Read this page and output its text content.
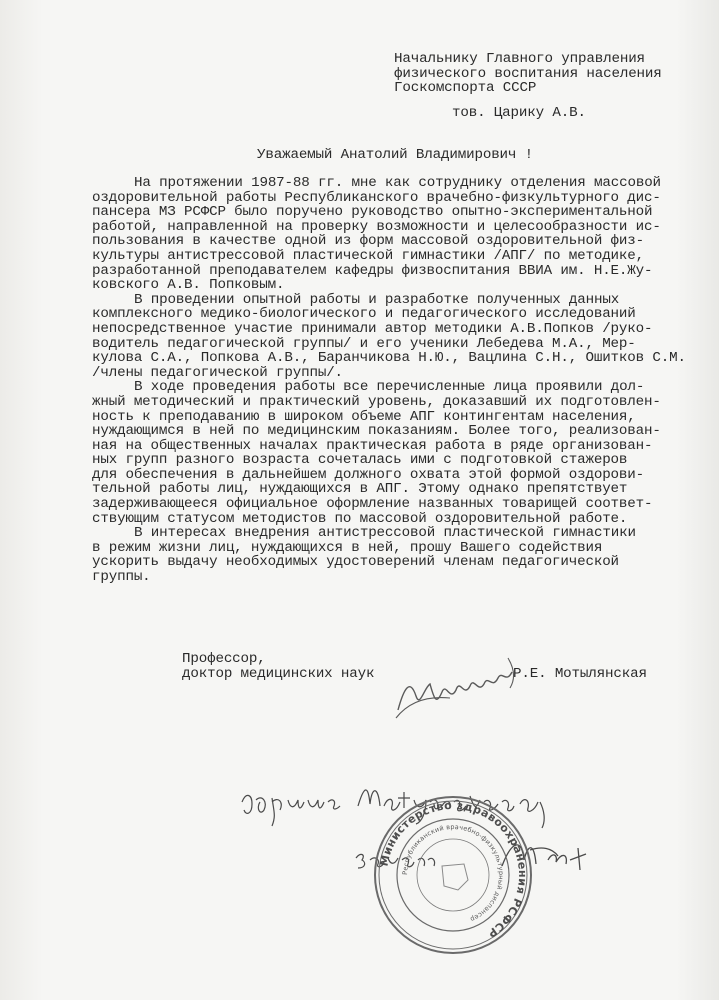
Начальнику Главного управления
физического воспитания населения
Госкомспорта СССР
тов. Царику А.В.
Уважаемый Анатолий Владимирович !
На протяжении 1987-88 гг. мне как сотруднику отделения массовой
оздоровительной работы Республиканского врачебно-физкультурного дис-
пансера МЗ РСФСР было поручено руководство опытно-экспериментальной
работой, направленной на проверку возможности и целесообразности ис-
пользования в качестве одной из форм массовой оздоровительной физ-
культуры антистрессовой пластической гимнастики /АПГ/ по методике,
разработанной преподавателем кафедры физвоспитания ВВИА им. Н.Е.Жу-
ковского А.В. Попковым.
В проведении опытной работы и разработке полученных данных
комплексного медико-биологического и педагогического исследований
непосредственное участие принимали автор методики А.В.Попков /руко-
водитель педагогической группы/ и его ученики Лебедева М.А., Мер-
кулова С.А., Попкова А.В., Баранчикова Н.Ю., Вацлина С.Н., Ошитков С.М.
/члены педагогической группы/.
В ходе проведения работы все перечисленные лица проявили дол-
жный методический и практический уровень, доказавший их подготовлен-
ность к преподаванию в широком объеме АПГ контингентам населения,
нуждающимся в ней по медицинским показаниям. Более того, реализован-
ная на общественных началах практическая работа в ряде организован-
ных групп разного возраста сочеталась ими с подготовкой стажеров
для обеспечения в дальнейшем должного охвата этой формой оздорови-
тельной работы лиц, нуждающихся в АПГ. Этому однако препятствует
задерживающееся официальное оформление названных товарищей соответ-
ствующим статусом методистов по массовой оздоровительной работе.
В интересах внедрения антистрессовой пластической гимнастики
в режим жизни лиц, нуждающихся в ней, прошу Вашего содействия
ускорить выдачу необходимых удостоверений членам педагогической
группы.
Профессор,
доктор медицинских наук	Р.Е. Мотылянская
Министерство здравоохранения РСФСР
Республиканский врачебно-физкультурный диспансер
